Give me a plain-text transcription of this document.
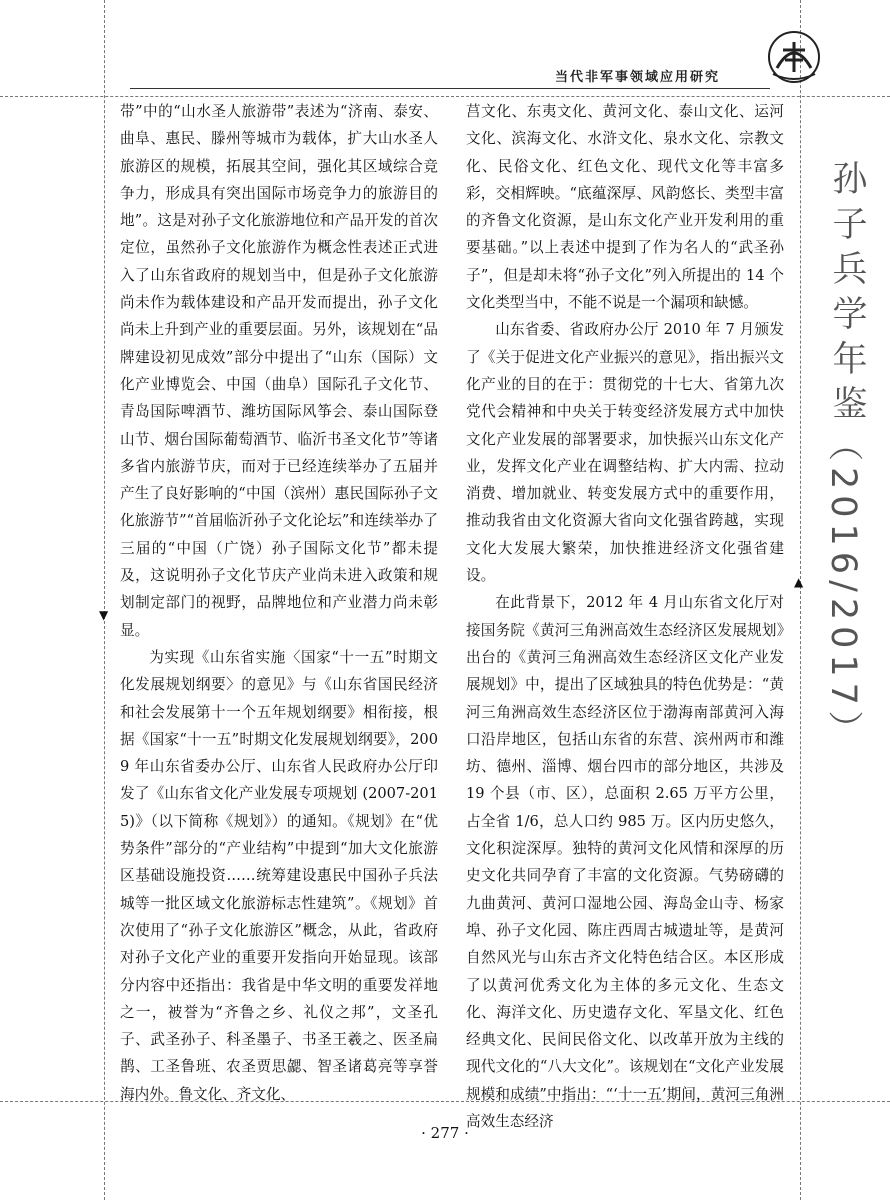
当代非军事领域应用研究
孙子兵学年鉴
（2016/2017）
▼
▲

带”中的“山水圣人旅游带”表述为“济南、泰安、曲阜、惠民、滕州等城市为载体，扩大山水圣人旅游区的规模，拓展其空间，强化其区域综合竞争力，形成具有突出国际市场竞争力的旅游目的地”。这是对孙子文化旅游地位和产品开发的首次定位，虽然孙子文化旅游作为概念性表述正式进入了山东省政府的规划当中，但是孙子文化旅游尚未作为载体建设和产品开发而提出，孙子文化尚未上升到产业的重要层面。另外，该规划在“品牌建设初见成效”部分中提出了“山东（国际）文化产业博览会、中国（曲阜）国际孔子文化节、青岛国际啤酒节、潍坊国际风筝会、泰山国际登山节、烟台国际葡萄酒节、临沂书圣文化节”等诸多省内旅游节庆，而对于已经连续举办了五届并产生了良好影响的“中国（滨州）惠民国际孙子文化旅游节”“首届临沂孙子文化论坛”和连续举办了三届的“中国（广饶）孙子国际文化节”都未提及，这说明孙子文化节庆产业尚未进入政策和规划制定部门的视野，品牌地位和产业潜力尚未彰显。

为实现《山东省实施〈国家“十一五”时期文化发展规划纲要〉的意见》与《山东省国民经济和社会发展第十一个五年规划纲要》相衔接，根据《国家“十一五”时期文化发展规划纲要》，2009 年山东省委办公厅、山东省人民政府办公厅印发了《山东省文化产业发展专项规划 (2007-2015)》（以下简称《规划》）的通知。《规划》在“优势条件”部分的“产业结构”中提到“加大文化旅游区基础设施投资……统筹建设惠民中国孙子兵法城等一批区域文化旅游标志性建筑”。《规划》首次使用了“孙子文化旅游区”概念，从此，省政府对孙子文化产业的重要开发指向开始显现。该部分内容中还指出：我省是中华文明的重要发祥地之一，被誉为“齐鲁之乡、礼仪之邦”，文圣孔子、武圣孙子、科圣墨子、书圣王羲之、医圣扁鹊、工圣鲁班、农圣贾思勰、智圣诸葛亮等享誉海内外。鲁文化、齐文化、

莒文化、东夷文化、黄河文化、泰山文化、运河文化、滨海文化、水浒文化、泉水文化、宗教文化、民俗文化、红色文化、现代文化等丰富多彩，交相辉映。“底蕴深厚、风韵悠长、类型丰富的齐鲁文化资源，是山东文化产业开发利用的重要基础。”以上表述中提到了作为名人的“武圣孙子”，但是却未将“孙子文化”列入所提出的 14 个文化类型当中，不能不说是一个漏项和缺憾。

山东省委、省政府办公厅 2010 年 7 月颁发了《关于促进文化产业振兴的意见》，指出振兴文化产业的目的在于：贯彻党的十七大、省第九次党代会精神和中央关于转变经济发展方式中加快文化产业发展的部署要求，加快振兴山东文化产业，发挥文化产业在调整结构、扩大内需、拉动消费、增加就业、转变发展方式中的重要作用，推动我省由文化资源大省向文化强省跨越，实现文化大发展大繁荣，加快推进经济文化强省建设。

在此背景下，2012 年 4 月山东省文化厅对接国务院《黄河三角洲高效生态经济区发展规划》出台的《黄河三角洲高效生态经济区文化产业发展规划》中，提出了区域独具的特色优势是：“黄河三角洲高效生态经济区位于渤海南部黄河入海口沿岸地区，包括山东省的东营、滨州两市和潍坊、德州、淄博、烟台四市的部分地区，共涉及 19 个县（市、区），总面积 2.65 万平方公里，占全省 1/6，总人口约 985 万。区内历史悠久，文化积淀深厚。独特的黄河文化风情和深厚的历史文化共同孕育了丰富的文化资源。气势磅礴的九曲黄河、黄河口湿地公园、海岛金山寺、杨家埠、孙子文化园、陈庄西周古城遗址等，是黄河自然风光与山东古齐文化特色结合区。本区形成了以黄河优秀文化为主体的多元文化、生态文化、海洋文化、历史遗存文化、军垦文化、红色经典文化、民间民俗文化、以改革开放为主线的现代文化的“八大文化”。该规划在“文化产业发展规模和成绩”中指出：“‘十一五’期间，黄河三角洲高效生态经济

· 277 ·
